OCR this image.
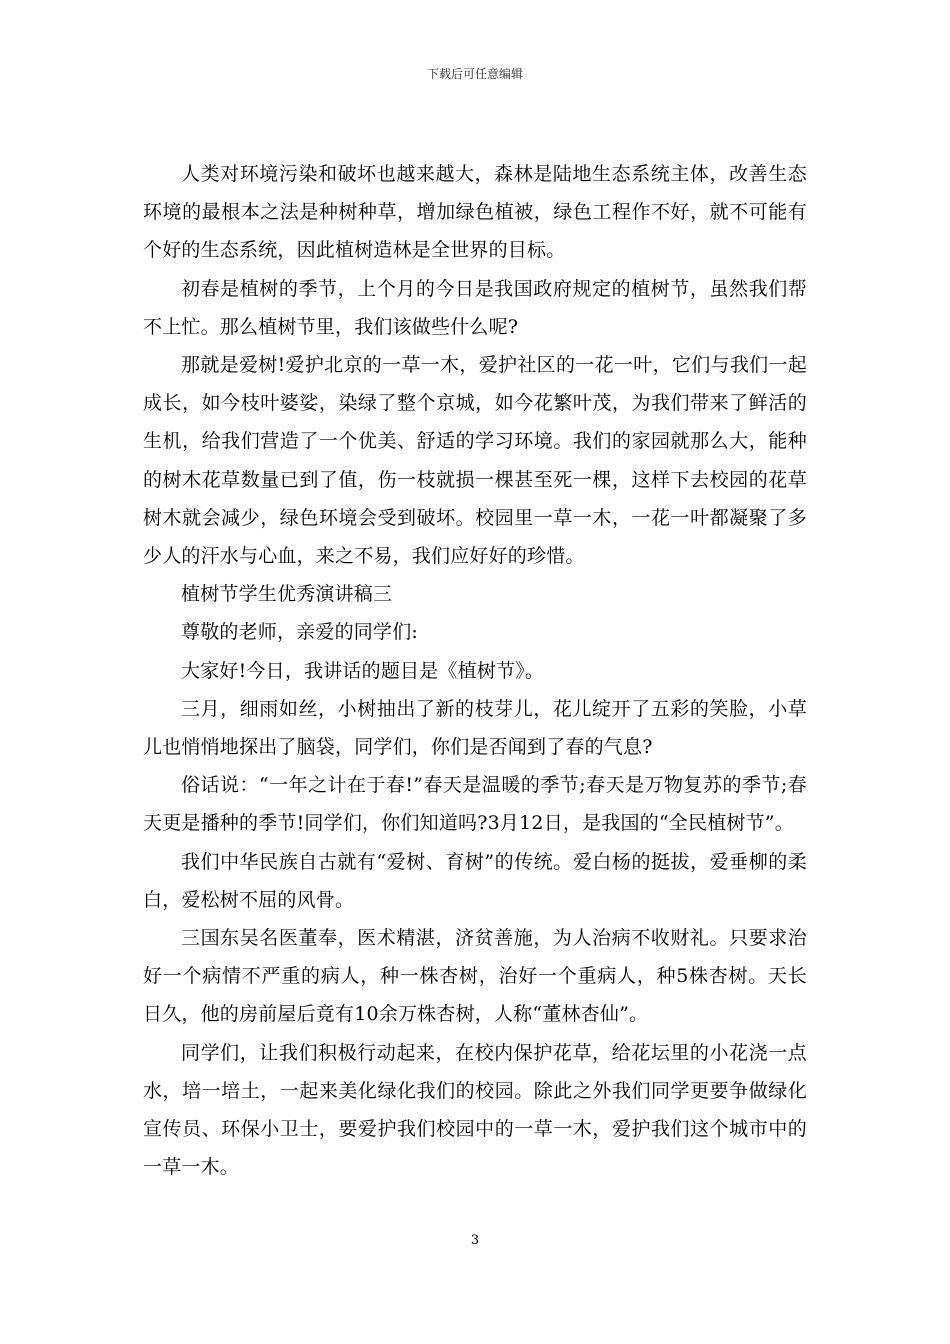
下载后可任意编辑

人类对环境污染和破坏也越来越大，森林是陆地生态系统主体，改善生态环境的最根本之法是种树种草，增加绿色植被，绿色工程作不好，就不可能有个好的生态系统，因此植树造林是全世界的目标。

初春是植树的季节，上个月的今日是我国政府规定的植树节，虽然我们帮不上忙。那么植树节里，我们该做些什么呢?

那就是爱树!爱护北京的一草一木，爱护社区的一花一叶，它们与我们一起成长，如今枝叶婆娑，染绿了整个京城，如今花繁叶茂，为我们带来了鲜活的生机，给我们营造了一个优美、舒适的学习环境。我们的家园就那么大，能种的树木花草数量已到了值，伤一枝就损一棵甚至死一棵，这样下去校园的花草树木就会减少，绿色环境会受到破坏。校园里一草一木，一花一叶都凝聚了多少人的汗水与心血，来之不易，我们应好好的珍惜。

植树节学生优秀演讲稿三

尊敬的老师，亲爱的同学们:

大家好!今日，我讲话的题目是《植树节》。

三月，细雨如丝，小树抽出了新的枝芽儿，花儿绽开了五彩的笑脸，小草儿也悄悄地探出了脑袋，同学们，你们是否闻到了春的气息?

俗话说：“一年之计在于春!”春天是温暖的季节;春天是万物复苏的季节;春天更是播种的季节!同学们，你们知道吗?3月12日，是我国的“全民植树节”。

我们中华民族自古就有“爱树、育树”的传统。爱白杨的挺拔，爱垂柳的柔白，爱松树不屈的风骨。

三国东吴名医董奉，医术精湛，济贫善施，为人治病不收财礼。只要求治好一个病情不严重的病人，种一株杏树，治好一个重病人，种5株杏树。天长日久，他的房前屋后竟有10余万株杏树，人称“董林杏仙”。

同学们，让我们积极行动起来，在校内保护花草，给花坛里的小花浇一点水，培一培土，一起来美化绿化我们的校园。除此之外我们同学更要争做绿化宣传员、环保小卫士，要爱护我们校园中的一草一木，爱护我们这个城市中的一草一木。

3
